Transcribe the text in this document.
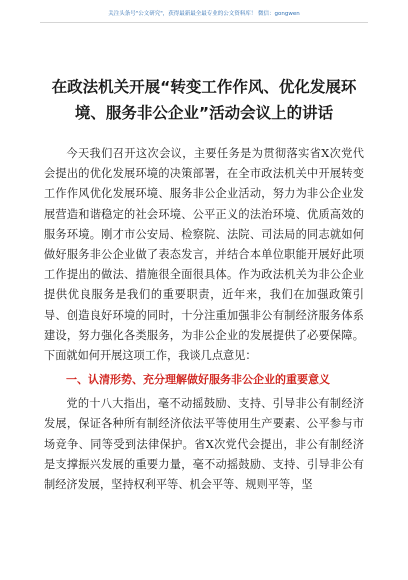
关注头条号"公文研究"，获得最新最全最专业的公文资料库！ 微信：gongwen
在政法机关开展“转变工作作风、优化发展环境、服务非公企业”活动会议上的讲话

今天我们召开这次会议，主要任务是为贯彻落实省X次党代会提出的优化发展环境的决策部署，在全市政法机关中开展转变工作作风优化发展环境、服务非公企业活动，努力为非公企业发展营造和谐稳定的社会环境、公平正义的法治环境、优质高效的服务环境。刚才市公安局、检察院、法院、司法局的同志就如何做好服务非公企业做了表态发言，并结合本单位职能开展好此项工作提出的做法、措施很全面很具体。作为政法机关为非公企业提供优良服务是我们的重要职责，近年来，我们在加强政策引导、创造良好环境的同时，十分注重加强非公有制经济服务体系建设，努力强化各类服务，为非公企业的发展提供了必要保障。下面就如何开展这项工作，我谈几点意见：

一、认清形势、充分理解做好服务非公企业的重要意义

党的十八大指出，毫不动摇鼓励、支持、引导非公有制经济发展，保证各种所有制经济依法平等使用生产要素、公平参与市场竞争、同等受到法律保护。省X次党代会提出，非公有制经济是支撑振兴发展的重要力量，毫不动摇鼓励、支持、引导非公有制经济发展，坚持权利平等、机会平等、规则平等，坚
